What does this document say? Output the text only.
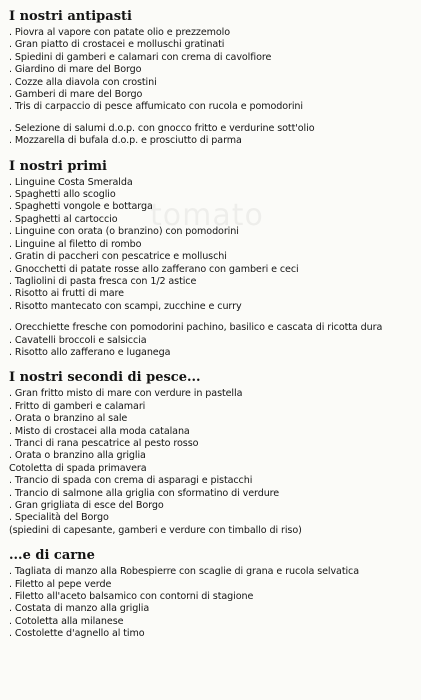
tomato
I nostri antipasti
. Piovra al vapore con patate olio e prezzemolo
. Gran piatto di crostacei e molluschi gratinati
. Spiedini di gamberi e calamari con crema di cavolfiore
. Giardino di mare del Borgo
. Cozze alla diavola con crostini
. Gamberi di mare del Borgo
. Tris di carpaccio di pesce affumicato con rucola e pomodorini
. Selezione di salumi d.o.p. con gnocco fritto e verdurine sott'olio
. Mozzarella di bufala d.o.p. e prosciutto di parma
I nostri primi
. Linguine Costa Smeralda
. Spaghetti allo scoglio
. Spaghetti vongole e bottarga
. Spaghetti al cartoccio
. Linguine con orata (o branzino) con pomodorini
. Linguine al filetto di rombo
. Gratin di paccheri con pescatrice e molluschi
. Gnocchetti di patate rosse allo zafferano con gamberi e ceci
. Tagliolini di pasta fresca con 1/2 astice
. Risotto ai frutti di mare
. Risotto mantecato con scampi, zucchine e curry
. Orecchiette fresche con pomodorini pachino, basilico e cascata di ricotta dura
. Cavatelli broccoli e salsiccia
. Risotto allo zafferano e luganega
I nostri secondi di pesce...
. Gran fritto misto di mare con verdure in pastella
. Fritto di gamberi e calamari
. Orata o branzino al sale
. Misto di crostacei alla moda catalana
. Tranci di rana pescatrice al pesto rosso
. Orata o branzino alla griglia
Cotoletta di spada primavera
. Trancio di spada con crema di asparagi e pistacchi
. Trancio di salmone alla griglia con sformatino di verdure
. Gran grigliata di esce del Borgo
. Specialità del Borgo
(spiedini di capesante, gamberi e verdure con timballo di riso)
...e di carne
. Tagliata di manzo alla Robespierre con scaglie di grana e rucola selvatica
. Filetto al pepe verde
. Filetto all'aceto balsamico con contorni di stagione
. Costata di manzo alla griglia
. Cotoletta alla milanese
. Costolette d'agnello al timo
